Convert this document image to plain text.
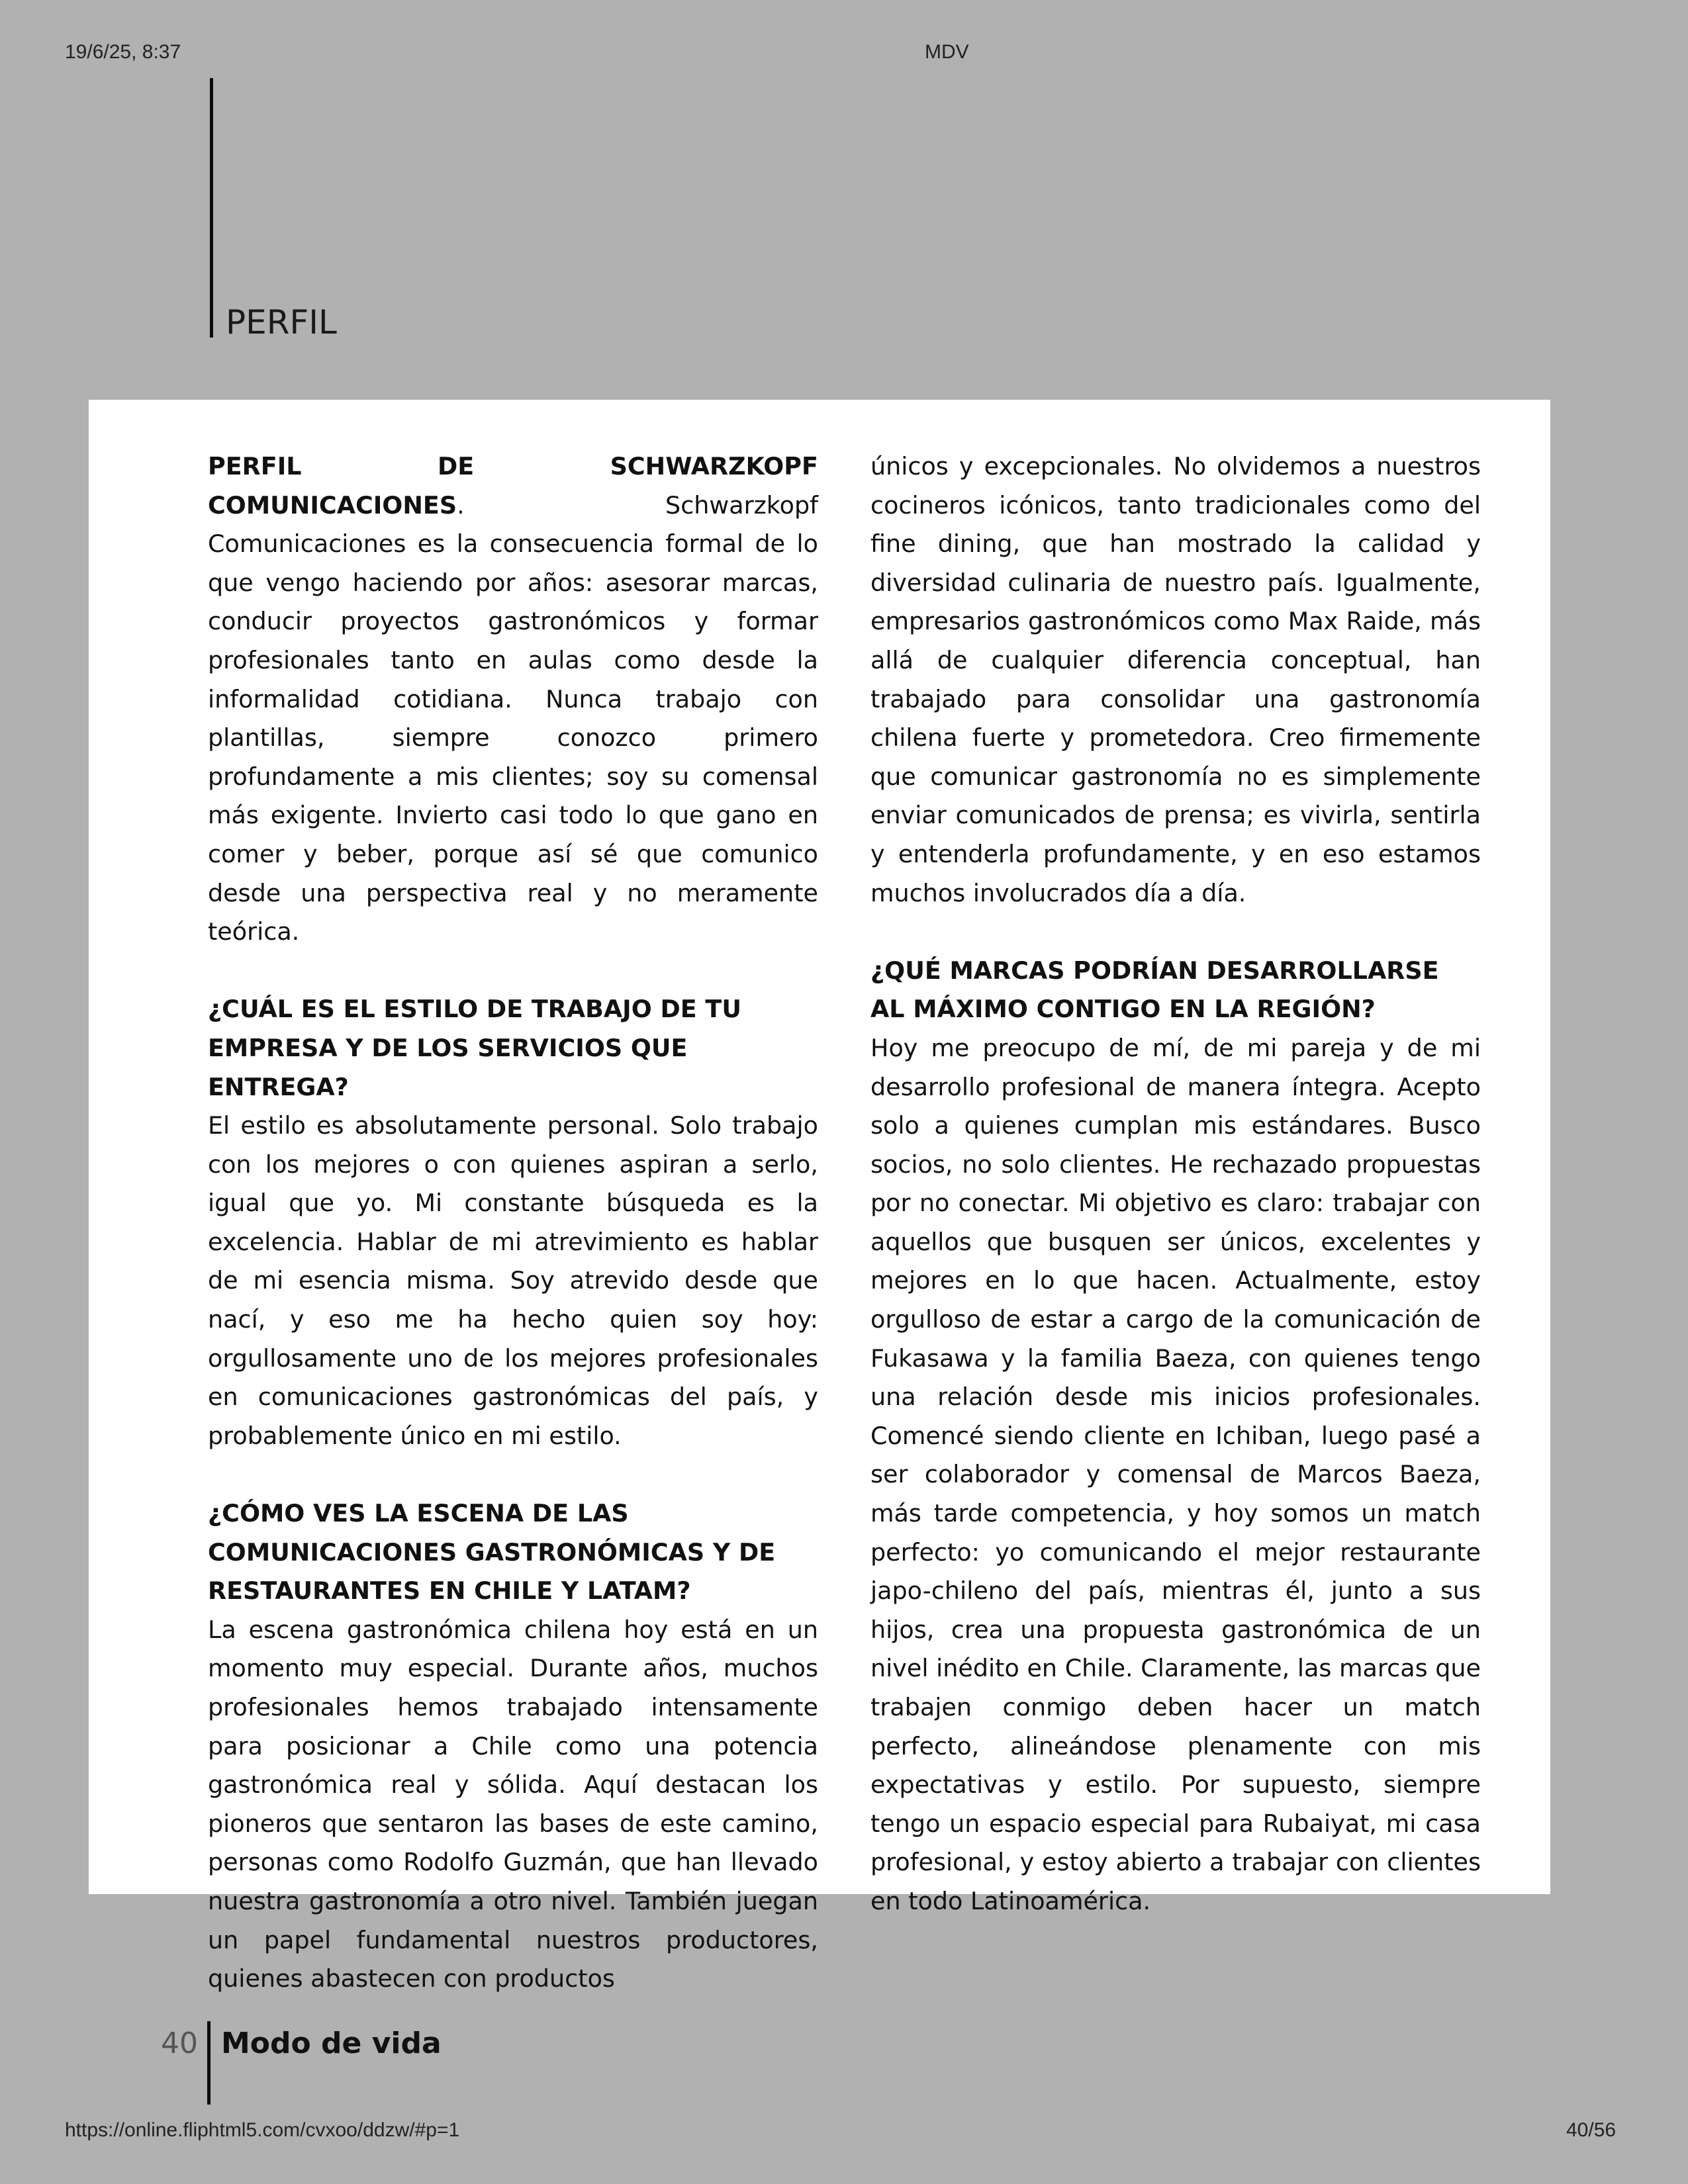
19/6/25, 8:37	MDV
PERFIL

PERFIL DE SCHWARZKOPF COMUNICACIONES.	Schwarzkopf Comunicaciones es la consecuencia formal de lo que vengo haciendo por años: asesorar marcas, conducir proyectos gastronómicos y formar profesionales tanto en aulas como desde la informalidad cotidiana. Nunca trabajo con plantillas, siempre conozco primero profundamente a mis clientes; soy su comensal más exigente. Invierto casi todo lo que gano en comer y beber, porque así sé que comunico desde una perspectiva real y no meramente teórica.

¿CUÁL ES EL ESTILO DE TRABAJO DE TU EMPRESA Y DE LOS SERVICIOS QUE ENTREGA?

El estilo es absolutamente personal. Solo trabajo con los mejores o con quienes aspiran a serlo, igual que yo. Mi constante búsqueda es la excelencia. Hablar de mi atrevimiento es hablar de mi esencia misma. Soy atrevido desde que nací, y eso me ha hecho quien soy hoy: orgullosamente uno de los mejores profesionales en comunicaciones gastronómicas del país, y probablemente único en mi estilo.

¿CÓMO VES LA ESCENA DE LAS COMUNICACIONES GASTRONÓMICAS Y DE RESTAURANTES EN CHILE Y LATAM?

La escena gastronómica chilena hoy está en un momento muy especial. Durante años, muchos profesionales hemos trabajado intensamente para posicionar a Chile como una potencia gastronómica real y sólida. Aquí destacan los pioneros que sentaron las bases de este camino, personas como Rodolfo Guzmán, que han llevado nuestra gastronomía a otro nivel. También juegan un papel fundamental nuestros productores, quienes abastecen con productos

únicos y excepcionales. No olvidemos a nuestros cocineros icónicos, tanto tradicionales como del fine dining, que han mostrado la calidad y diversidad culinaria de nuestro país. Igualmente, empresarios gastronómicos como Max Raide, más allá de cualquier diferencia conceptual, han trabajado para consolidar una gastronomía chilena fuerte y prometedora. Creo firmemente que comunicar gastronomía no es simplemente enviar comunicados de prensa; es vivirla, sentirla y entenderla profundamente, y en eso estamos muchos involucrados día a día.

¿QUÉ MARCAS PODRÍAN DESARROLLARSE AL MÁXIMO CONTIGO EN LA REGIÓN?

Hoy me preocupo de mí, de mi pareja y de mi desarrollo profesional de manera íntegra. Acepto solo a quienes cumplan mis estándares. Busco socios, no solo clientes. He rechazado propuestas por no conectar. Mi objetivo es claro: trabajar con aquellos que busquen ser únicos, excelentes y mejores en lo que hacen. Actualmente, estoy orgulloso de estar a cargo de la comunicación de Fukasawa y la familia Baeza, con quienes tengo una relación desde mis inicios profesionales. Comencé siendo cliente en Ichiban, luego pasé a ser colaborador y comensal de Marcos Baeza, más tarde competencia, y hoy somos un match perfecto: yo comunicando el mejor restaurante japo-chileno del país, mientras él, junto a sus hijos, crea una propuesta gastronómica de un nivel inédito en Chile. Claramente, las marcas que trabajen conmigo deben hacer un match perfecto, alineándose plenamente con mis expectativas y estilo. Por supuesto, siempre tengo un espacio especial para Rubaiyat, mi casa profesional, y estoy abierto a trabajar con clientes en todo Latinoamérica.

40 Modo de vida
https://online.fliphtml5.com/cvxoo/ddzw/#p=1	40/56
